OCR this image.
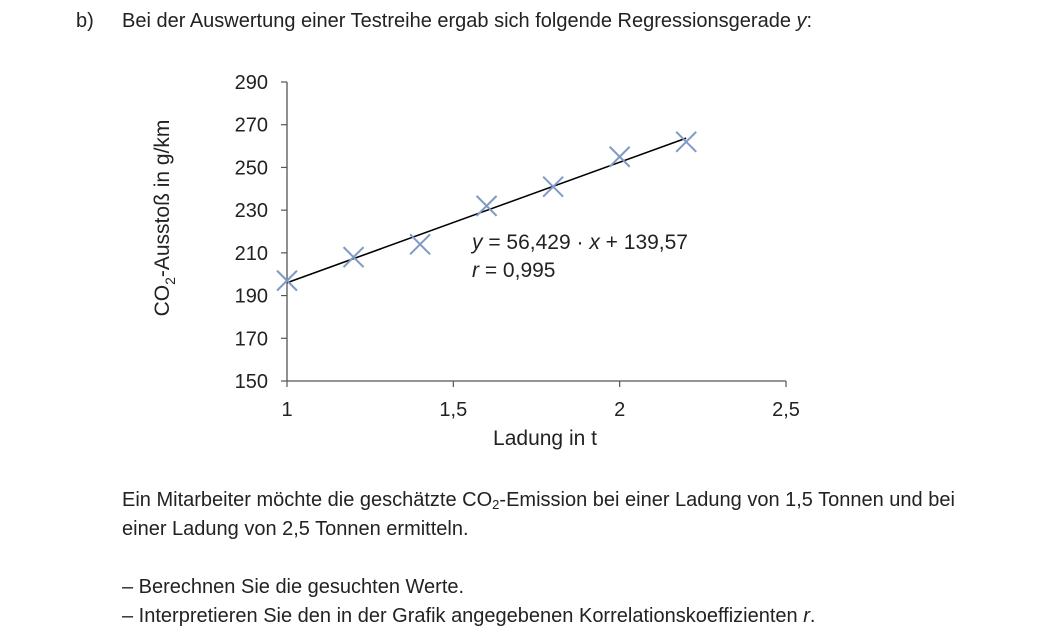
b) Bei der Auswertung einer Testreihe ergab sich folgende Regressionsgerade y:
150
170
190
210
230
250
270
290
1	1,5	2	2,5
y = 56,429 · x + 139,57
r = 0,995
Ladung in t
$CO_2$-Ausstoß in g/km
Ein Mitarbeiter möchte die geschätzte $CO_2$-Emission bei einer Ladung von 1,5 Tonnen und bei einer Ladung von 2,5 Tonnen ermitteln.
– Berechnen Sie die gesuchten Werte.
– Interpretieren Sie den in der Grafik angegebenen Korrelationskoeffizienten r.
